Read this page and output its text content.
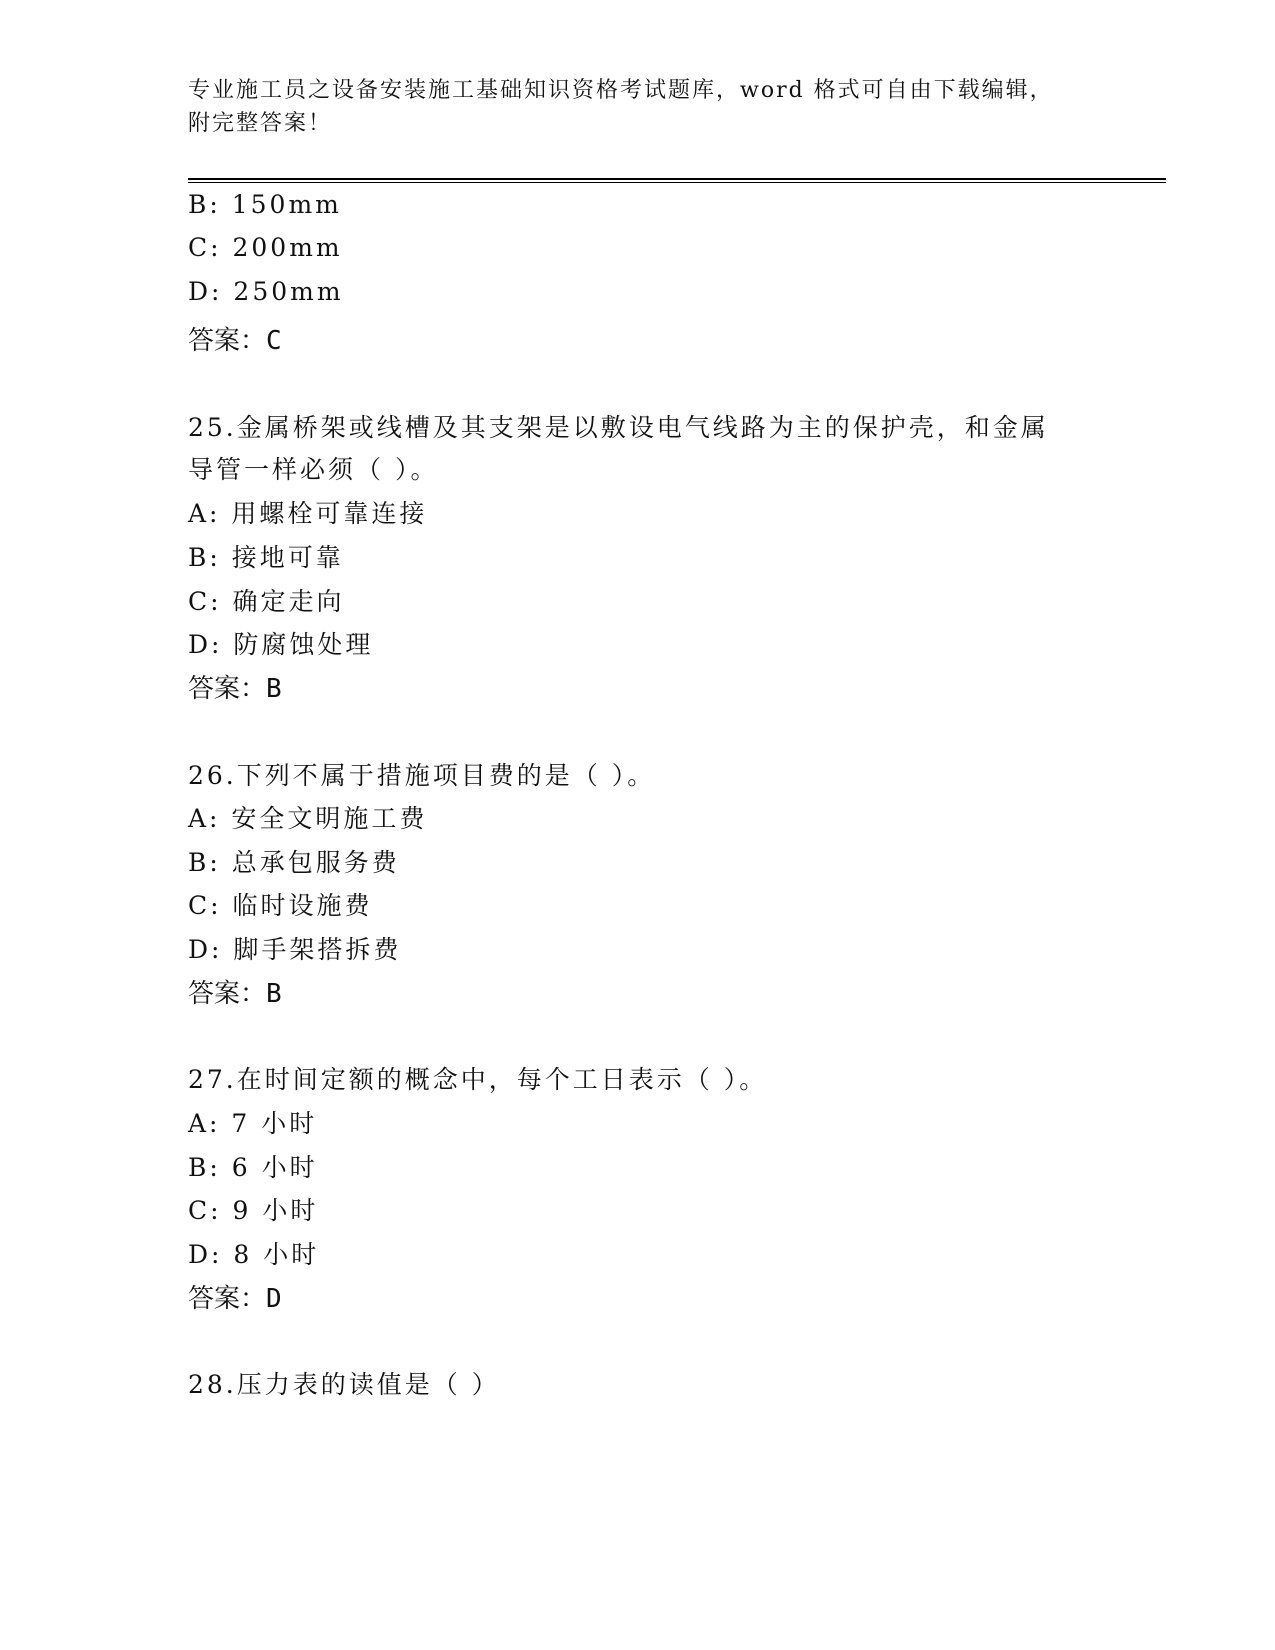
专业施工员之设备安装施工基础知识资格考试题库，word 格式可自由下载编辑，
附完整答案！
B: 150mm
C: 200mm
D: 250mm
答案：C
25.金属桥架或线槽及其支架是以敷设电气线路为主的保护壳，和金属
导管一样必须（ ）。
A: 用螺栓可靠连接
B: 接地可靠
C: 确定走向
D: 防腐蚀处理
答案：B
26.下列不属于措施项目费的是（ ）。
A: 安全文明施工费
B: 总承包服务费
C: 临时设施费
D: 脚手架搭拆费
答案：B
27.在时间定额的概念中，每个工日表示（ ）。
A: 7 小时
B: 6 小时
C: 9 小时
D: 8 小时
答案：D
28.压力表的读值是（ ）
